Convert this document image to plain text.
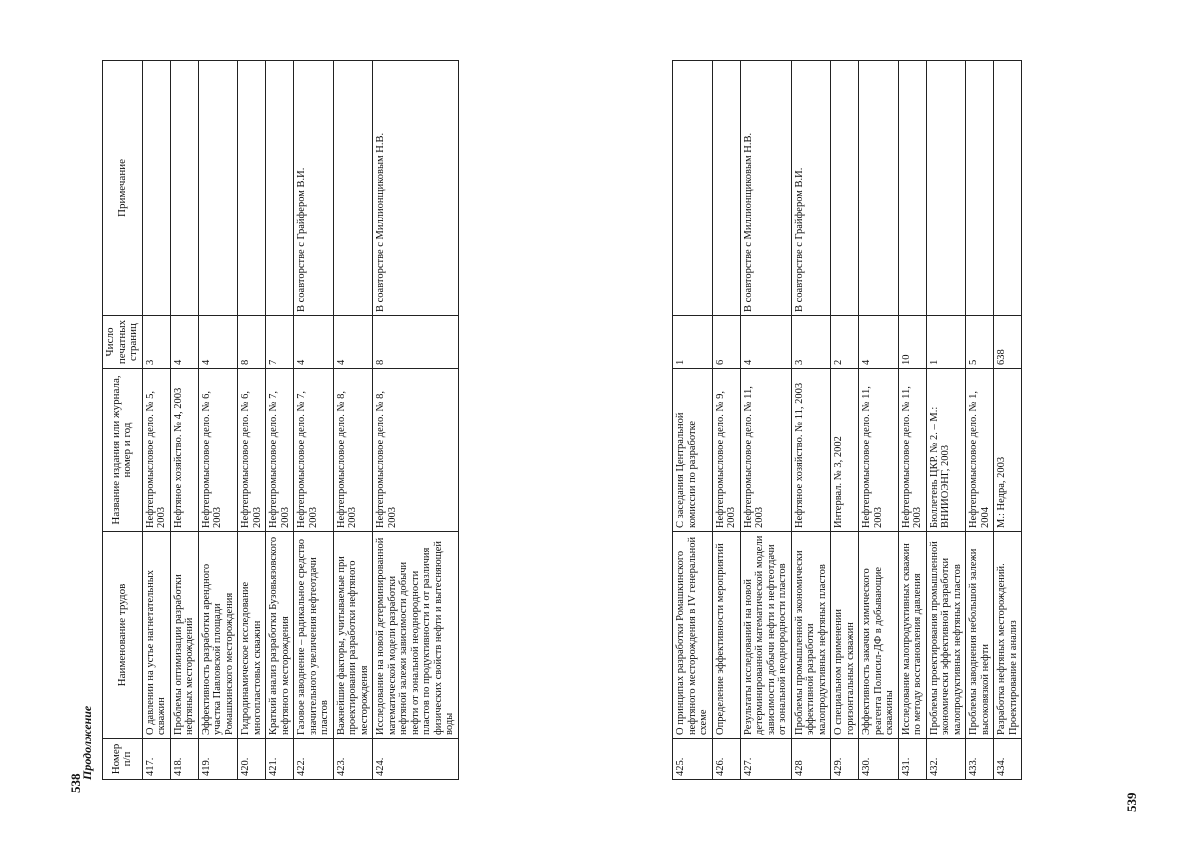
Продолжение Номер п/п	Наименование трудов	Название издания или журнала, номер и год	Число печатных страниц	Примечание
417.	О давлении на устье нагнетательных скважин	Нефтепромысловое дело. № 5, 2003	3	
418.	Проблемы оптимизации разработки нефтяных месторождений	Нефтяное хозяйство. № 4, 2003	4	
419.	Эффективность разработки арендного участка Павловской площади Ромашкинского месторождения	Нефтепромысловое дело. № 6, 2003	4	
420.	Гидродинамическое исследование многопластовых скважин	Нефтепромысловое дело. № 6, 2003	8	
421.	Краткий анализ разработки Бузовьязовского нефтяного месторождения	Нефтепромысловое дело. № 7, 2003	7	
422.	Газовое заводнение – радикальное средство значительного увеличения нефтеотдачи пластов	Нефтепромысловое дело. № 7, 2003	4	В соавторстве с Грайфером В.И.
423.	Важнейшие факторы, учитываемые при проектировании разработки нефтяного месторождения	Нефтепромысловое дело. № 8, 2003	4	
424.	Исследование на новой детерминированной математической модели разработки нефтяной залежи зависимости добычи нефти от зональной неоднородности пластов по продуктивности и от различия физических свойств нефти и вытесняющей воды	Нефтепромысловое дело. № 8, 2003	8	В соавторстве с Миллионщиковым Н.В.
538
425.	О принципах разработки Ромашкинского нефтяного месторождения в IV генеральной схеме	С заседания Центральной комиссии по разработке	1	
426.	Определение эффективности мероприятий	Нефтепромысловое дело. № 9, 2003	6	
427.	Результаты исследований на новой детерминированной математической модели зависимости добычи нефти и нефтеотдачи от зональной неоднородности пластов	Нефтепромысловое дело. № 11, 2003	4	В соавторстве с Миллионщиковым Н.В.
428	Проблемы промышленной экономически эффективной разработки малопродуктивных нефтяных пластов	Нефтяное хозяйство. № 11, 2003	3	В соавторстве с Грайфером В.И.
429.	О специальном применении горизонтальных скважин	Интервал. № 3, 2002	2	
430.	Эффективность закачки химического реагента Полисил-ДФ в добывающие скважины	Нефтепромысловое дело. № 11, 2003	4	
431.	Исследование малопродуктивных скважин по методу восстановления давления	Нефтепромысловое дело. № 11, 2003	10	
432.	Проблемы проектирования промышленной экономически эффективной разработки малопродуктивных нефтяных пластов	Бюллетень ЦКР. № 2. – М.: ВНИИОЭНГ, 2003	1	
433.	Проблемы заводнения небольшой залежи высоковязкой нефти	Нефтепромысловое дело. № 1, 2004	5	
434.	Разработка нефтяных месторождений. Проектирование и анализ	М.: Недра, 2003	638	
539
